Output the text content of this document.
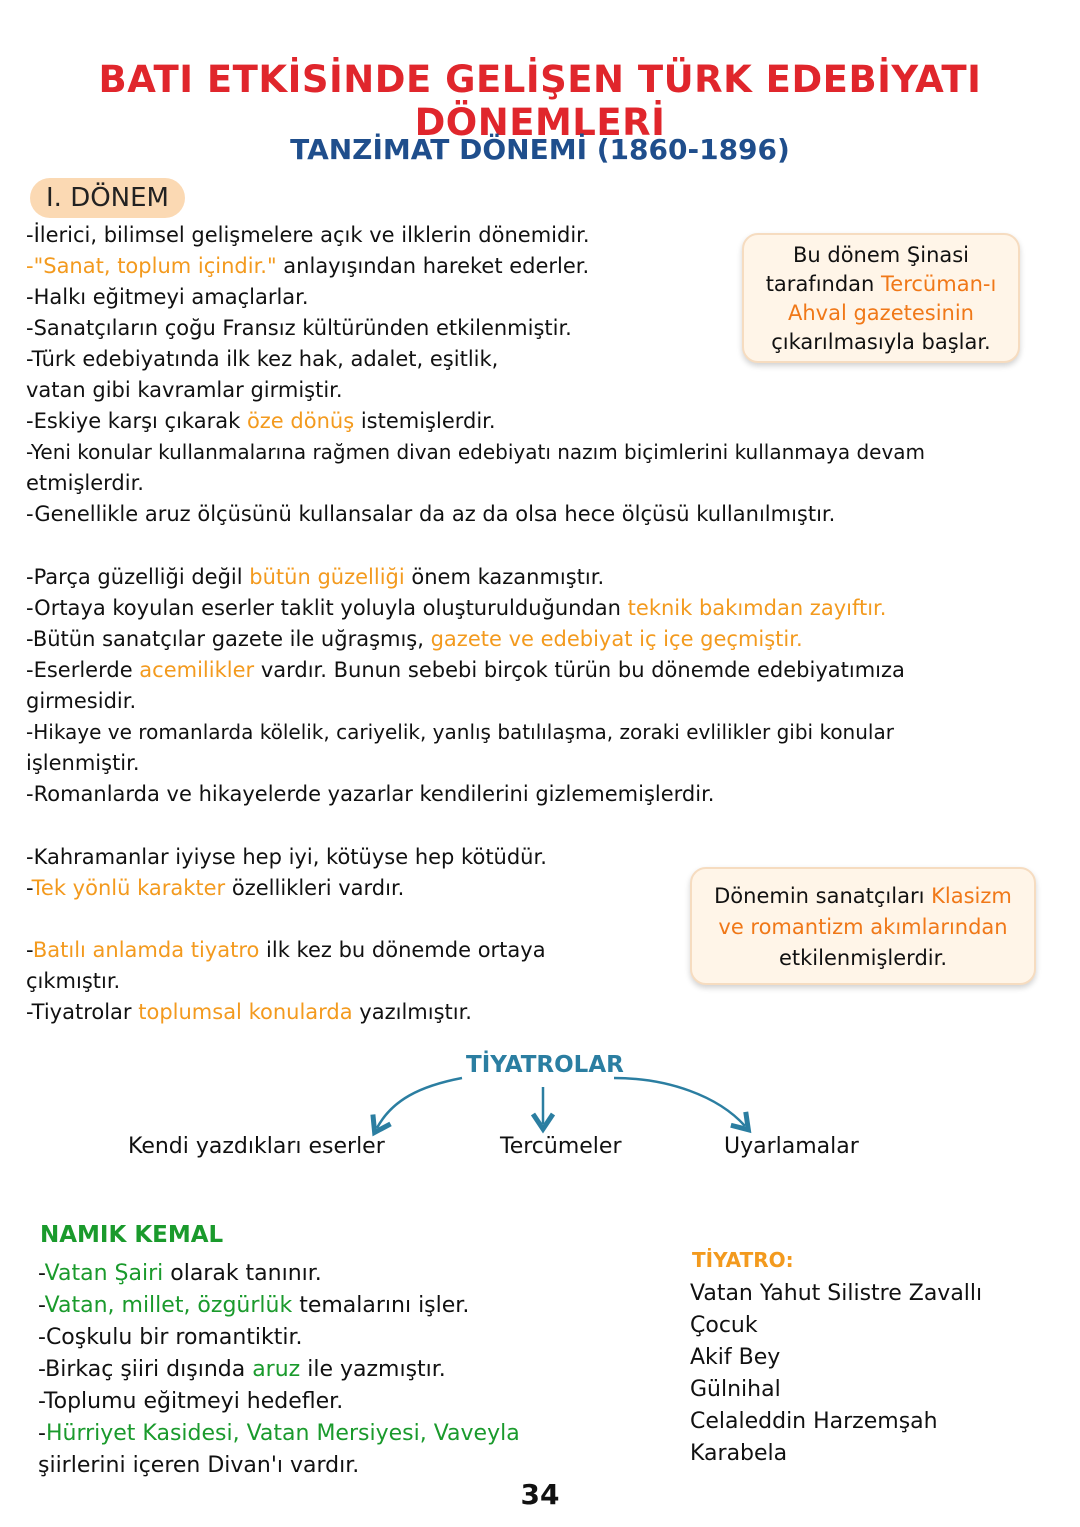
BATI ETKİSİNDE GELİŞEN TÜRK EDEBİYATI DÖNEMLERİ
TANZİMAT DÖNEMİ (1860-1896)
I. DÖNEM
-İlerici, bilimsel gelişmelere açık ve ilklerin dönemidir.
-"Sanat, toplum içindir." anlayışından hareket ederler.
-Halkı eğitmeyi amaçlarlar.
-Sanatçıların çoğu Fransız kültüründen etkilenmiştir.
-Türk edebiyatında ilk kez hak, adalet, eşitlik,
vatan gibi kavramlar girmiştir.
-Eskiye karşı çıkarak öze dönüş istemişlerdir.
-Yeni konular kullanmalarına rağmen divan edebiyatı nazım biçimlerini kullanmaya devam
etmişlerdir.
-Genellikle aruz ölçüsünü kullansalar da az da olsa hece ölçüsü kullanılmıştır.
-Parça güzelliği değil bütün güzelliği önem kazanmıştır.
-Ortaya koyulan eserler taklit yoluyla oluşturulduğundan teknik bakımdan zayıftır.
-Bütün sanatçılar gazete ile uğraşmış, gazete ve edebiyat iç içe geçmiştir.
-Eserlerde acemilikler vardır. Bunun sebebi birçok türün bu dönemde edebiyatımıza
girmesidir.
-Hikaye ve romanlarda kölelik, cariyelik, yanlış batılılaşma, zoraki evlilikler gibi konular
işlenmiştir.
-Romanlarda ve hikayelerde yazarlar kendilerini gizlememişlerdir.
-Kahramanlar iyiyse hep iyi, kötüyse hep kötüdür.
-Tek yönlü karakter özellikleri vardır.
-Batılı anlamda tiyatro ilk kez bu dönemde ortaya
çıkmıştır.
-Tiyatrolar toplumsal konularda yazılmıştır.
Bu dönem Şinasi
tarafından Tercüman-ı
Ahval gazetesinin
çıkarılmasıyla başlar.
Dönemin sanatçıları Klasizm
ve romantizm akımlarından
etkilenmişlerdir.
TİYATROLAR
Kendi yazdıkları eserler	Tercümeler	Uyarlamalar
NAMIK KEMAL
-Vatan Şairi olarak tanınır.
-Vatan, millet, özgürlük temalarını işler.
-Coşkulu bir romantiktir.
-Birkaç şiiri dışında aruz ile yazmıştır.
-Toplumu eğitmeyi hedefler.
-Hürriyet Kasidesi, Vatan Mersiyesi, Vaveyla
şiirlerini içeren Divan'ı vardır.
TİYATRO:
Vatan Yahut Silistre Zavallı
Çocuk
Akif Bey
Gülnihal
Celaleddin Harzemşah
Karabela
34
